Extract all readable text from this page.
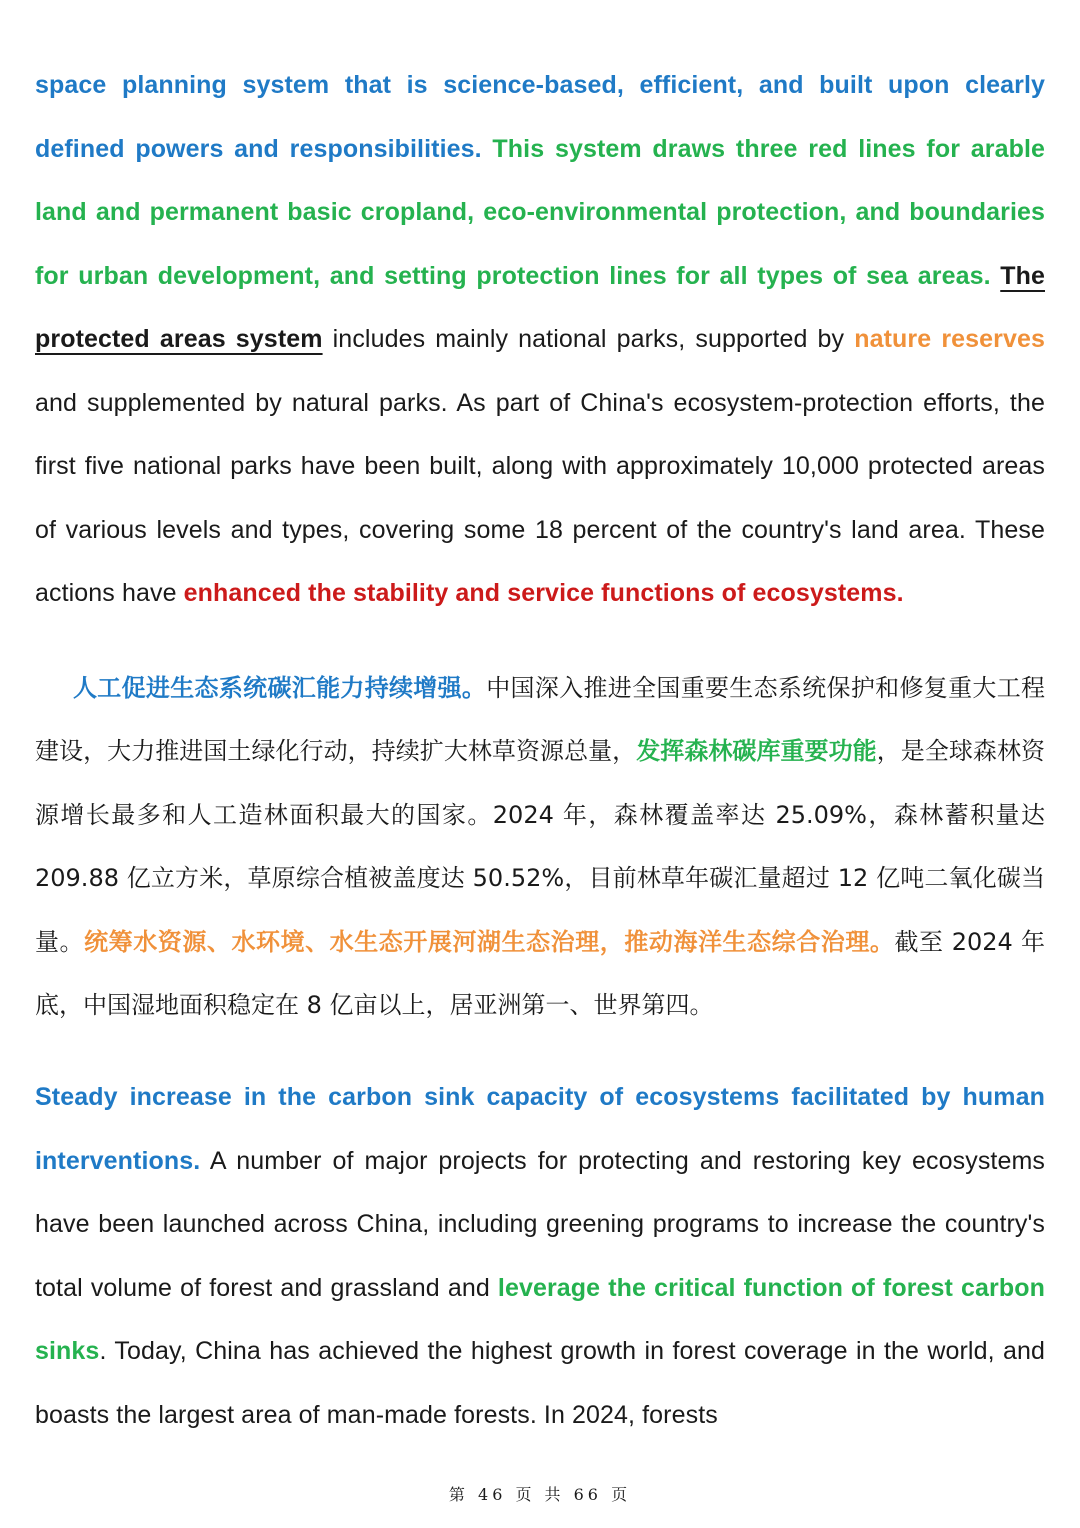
space planning system that is science-based, efficient, and built upon clearly defined powers and responsibilities. This system draws three red lines for arable land and permanent basic cropland, eco-environmental protection, and boundaries for urban development, and setting protection lines for all types of sea areas. The protected areas system includes mainly national parks, supported by nature reserves and supplemented by natural parks. As part of China's ecosystem-protection efforts, the first five national parks have been built, along with approximately 10,000 protected areas of various levels and types, covering some 18 percent of the country's land area. These actions have enhanced the stability and service functions of ecosystems.

人工促进生态系统碳汇能力持续增强。中国深入推进全国重要生态系统保护和修复重大工程建设，大力推进国土绿化行动，持续扩大林草资源总量，发挥森林碳库重要功能，是全球森林资源增长最多和人工造林面积最大的国家。2024 年，森林覆盖率达 25.09%，森林蓄积量达 209.88 亿立方米，草原综合植被盖度达 50.52%，目前林草年碳汇量超过 12 亿吨二氧化碳当量。统筹水资源、水环境、水生态开展河湖生态治理，推动海洋生态综合治理。截至 2024 年底，中国湿地面积稳定在 8 亿亩以上，居亚洲第一、世界第四。

Steady increase in the carbon sink capacity of ecosystems facilitated by human interventions. A number of major projects for protecting and restoring key ecosystems have been launched across China, including greening programs to increase the country's total volume of forest and grassland and leverage the critical function of forest carbon sinks. Today, China has achieved the highest growth in forest coverage in the world, and boasts the largest area of man-made forests. In 2024, forests

第 46 页 共 66 页
